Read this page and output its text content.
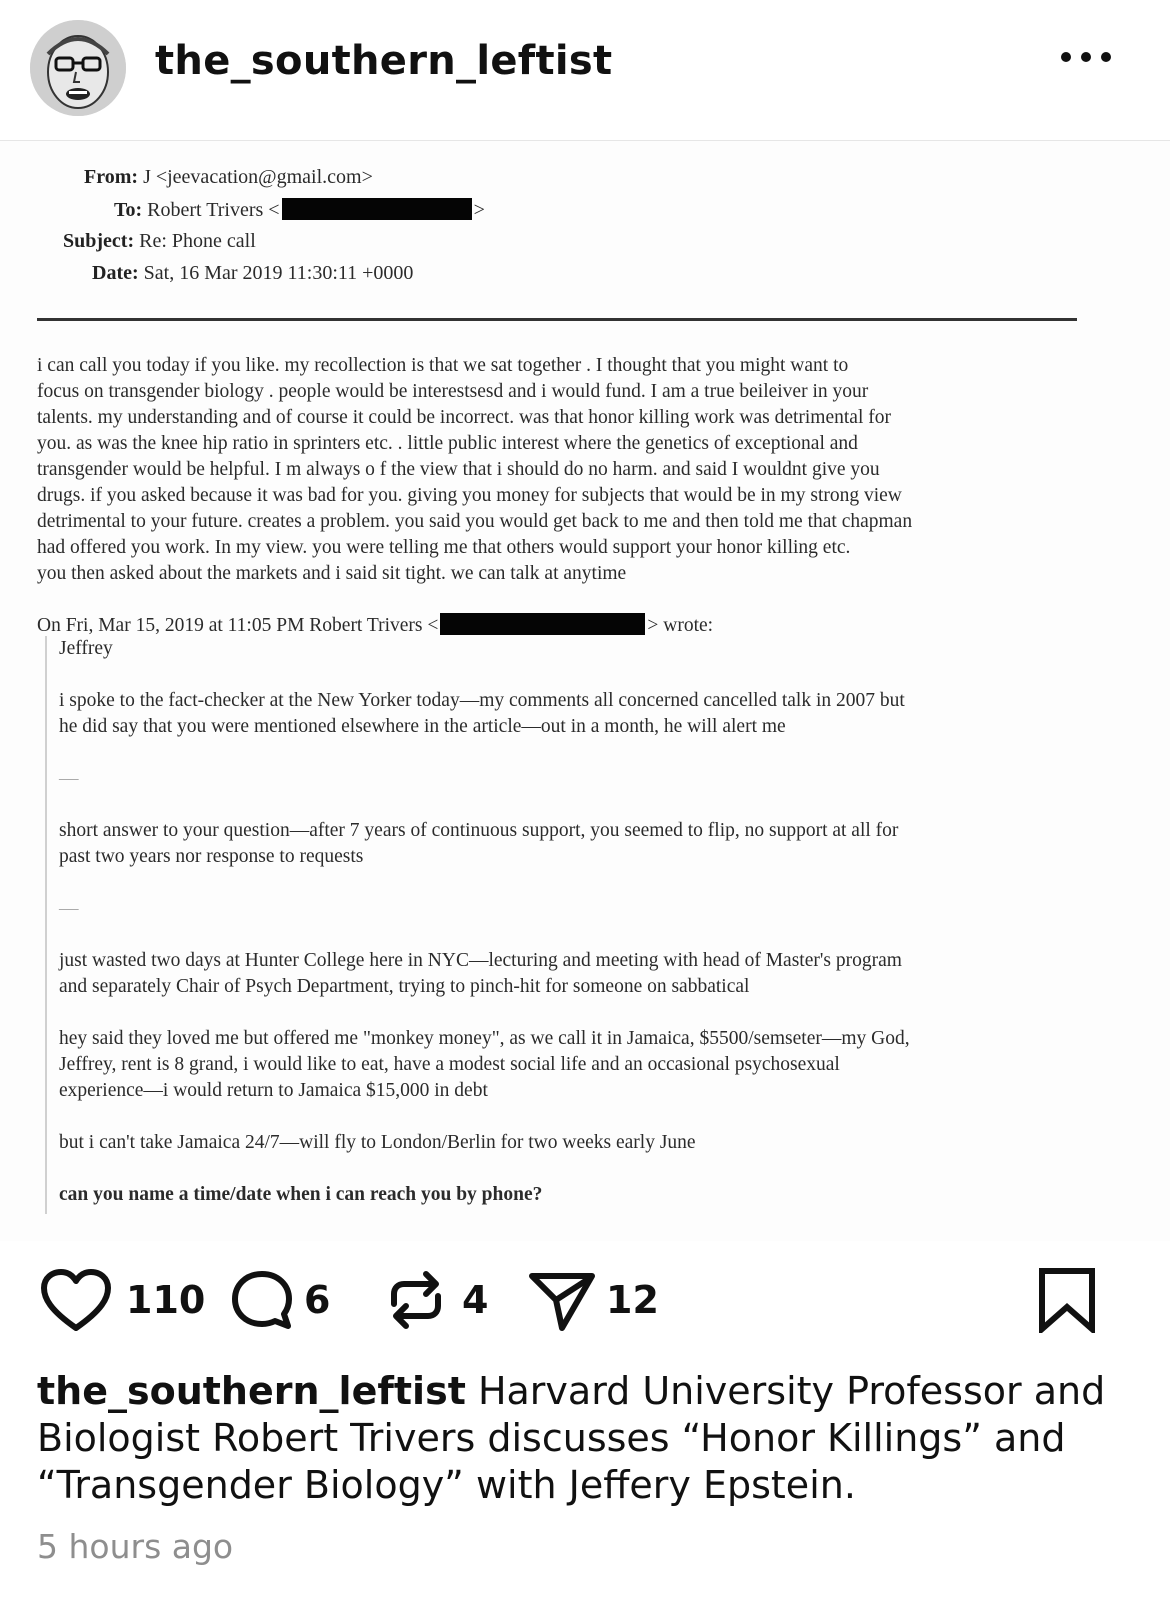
the_southern_leftist
From: J <jeevacation@gmail.com>
To: Robert Trivers <	>
Subject: Re: Phone call
Date: Sat, 16 Mar 2019 11:30:11 +0000
i can call you today if you like. my recollection is that we sat together . I thought that you might want to
focus on transgender biology . people would be interestsesd and i would fund. I am a true beileiver in your
talents. my understanding and of course it could be incorrect. was that honor killing work was detrimental for
you. as was the knee hip ratio in sprinters etc. . little public interest where the genetics of exceptional and
transgender would be helpful. I m always o f the view that i should do no harm. and said I wouldnt give you
drugs. if you asked because it was bad for you. giving you money for subjects that would be in my strong view
detrimental to your future. creates a problem. you said you would get back to me and then told me that chapman
had offered you work. In my view. you were telling me that others would support your honor killing etc.
you then asked about the markets and i said sit tight. we can talk at anytime
On Fri, Mar 15, 2019 at 11:05 PM Robert Trivers <	> wrote:
Jeffrey
i spoke to the fact-checker at the New Yorker today—my comments all concerned cancelled talk in 2007 but
he did say that you were mentioned elsewhere in the article—out in a month, he will alert me
—
short answer to your question—after 7 years of continuous support, you seemed to flip, no support at all for
past two years nor response to requests
—
just wasted two days at Hunter College here in NYC—lecturing and meeting with head of Master's program
and separately Chair of Psych Department, trying to pinch-hit for someone on sabbatical
hey said they loved me but offered me "monkey money", as we call it in Jamaica, $5500/semseter—my God,
Jeffrey, rent is 8 grand, i would like to eat, have a modest social life and an occasional psychosexual
experience—i would return to Jamaica $15,000 in debt
but i can't take Jamaica 24/7—will fly to London/Berlin for two weeks early June
can you name a time/date when i can reach you by phone?
110	6	4	12
the_southern_leftist Harvard University Professor and Biologist Robert Trivers discusses “Honor Killings” and “Transgender Biology” with Jeffery Epstein.
5 hours ago
